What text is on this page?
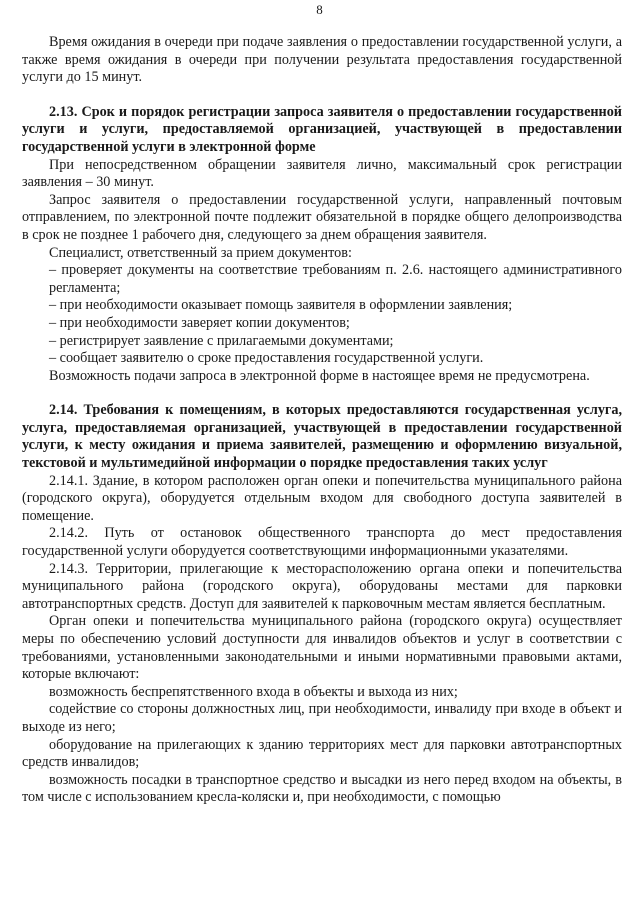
8

Время ожидания в очереди при подаче заявления о предоставлении государственной услуги, а также время ожидания в очереди при получении результата предоставления государственной услуги до 15 минут.

2.13. Срок и порядок регистрации запроса заявителя о предоставлении государственной услуги и услуги, предоставляемой организацией, участвующей в предоставлении государственной услуги в электронной форме

При непосредственном обращении заявителя лично, максимальный срок регистрации заявления – 30 минут.

Запрос заявителя о предоставлении государственной услуги, направленный почтовым отправлением, по электронной почте подлежит обязательной в порядке общего делопроизводства в срок не позднее 1 рабочего дня, следующего за днем обращения заявителя.

Специалист, ответственный за прием документов:

– проверяет документы на соответствие требованиям п. 2.6. настоящего административного регламента;

– при необходимости оказывает помощь заявителя в оформлении заявления;

– при необходимости заверяет копии документов;

– регистрирует заявление с прилагаемыми документами;

– сообщает заявителю о сроке предоставления государственной услуги.

Возможность подачи запроса в электронной форме в настоящее время не предусмотрена.

2.14. Требования к помещениям, в которых предоставляются государственная услуга, услуга, предоставляемая организацией, участвующей в предоставлении государственной услуги, к месту ожидания и приема заявителей, размещению и оформлению визуальной, текстовой и мультимедийной информации о порядке предоставления таких услуг

2.14.1. Здание, в котором расположен орган опеки и попечительства муниципального района (городского округа), оборудуется отдельным входом для свободного доступа заявителей в помещение.

2.14.2. Путь от остановок общественного транспорта до мест предоставления государственной услуги оборудуется соответствующими информационными указателями.

2.14.3. Территории, прилегающие к месторасположению органа опеки и попечительства муниципального района (городского округа), оборудованы местами для парковки автотранспортных средств. Доступ для заявителей к парковочным местам является бесплатным.

Орган опеки и попечительства муниципального района (городского округа) осуществляет меры по обеспечению условий доступности для инвалидов объектов и услуг в соответствии с требованиями, установленными законодательными и иными нормативными правовыми актами, которые включают:

возможность беспрепятственного входа в объекты и выхода из них;

содействие со стороны должностных лиц, при необходимости, инвалиду при входе в объект и выходе из него;

оборудование на прилегающих к зданию территориях мест для парковки автотранспортных средств инвалидов;

возможность посадки в транспортное средство и высадки из него перед входом на объекты, в том числе с использованием кресла-коляски и, при необходимости, с помощью
